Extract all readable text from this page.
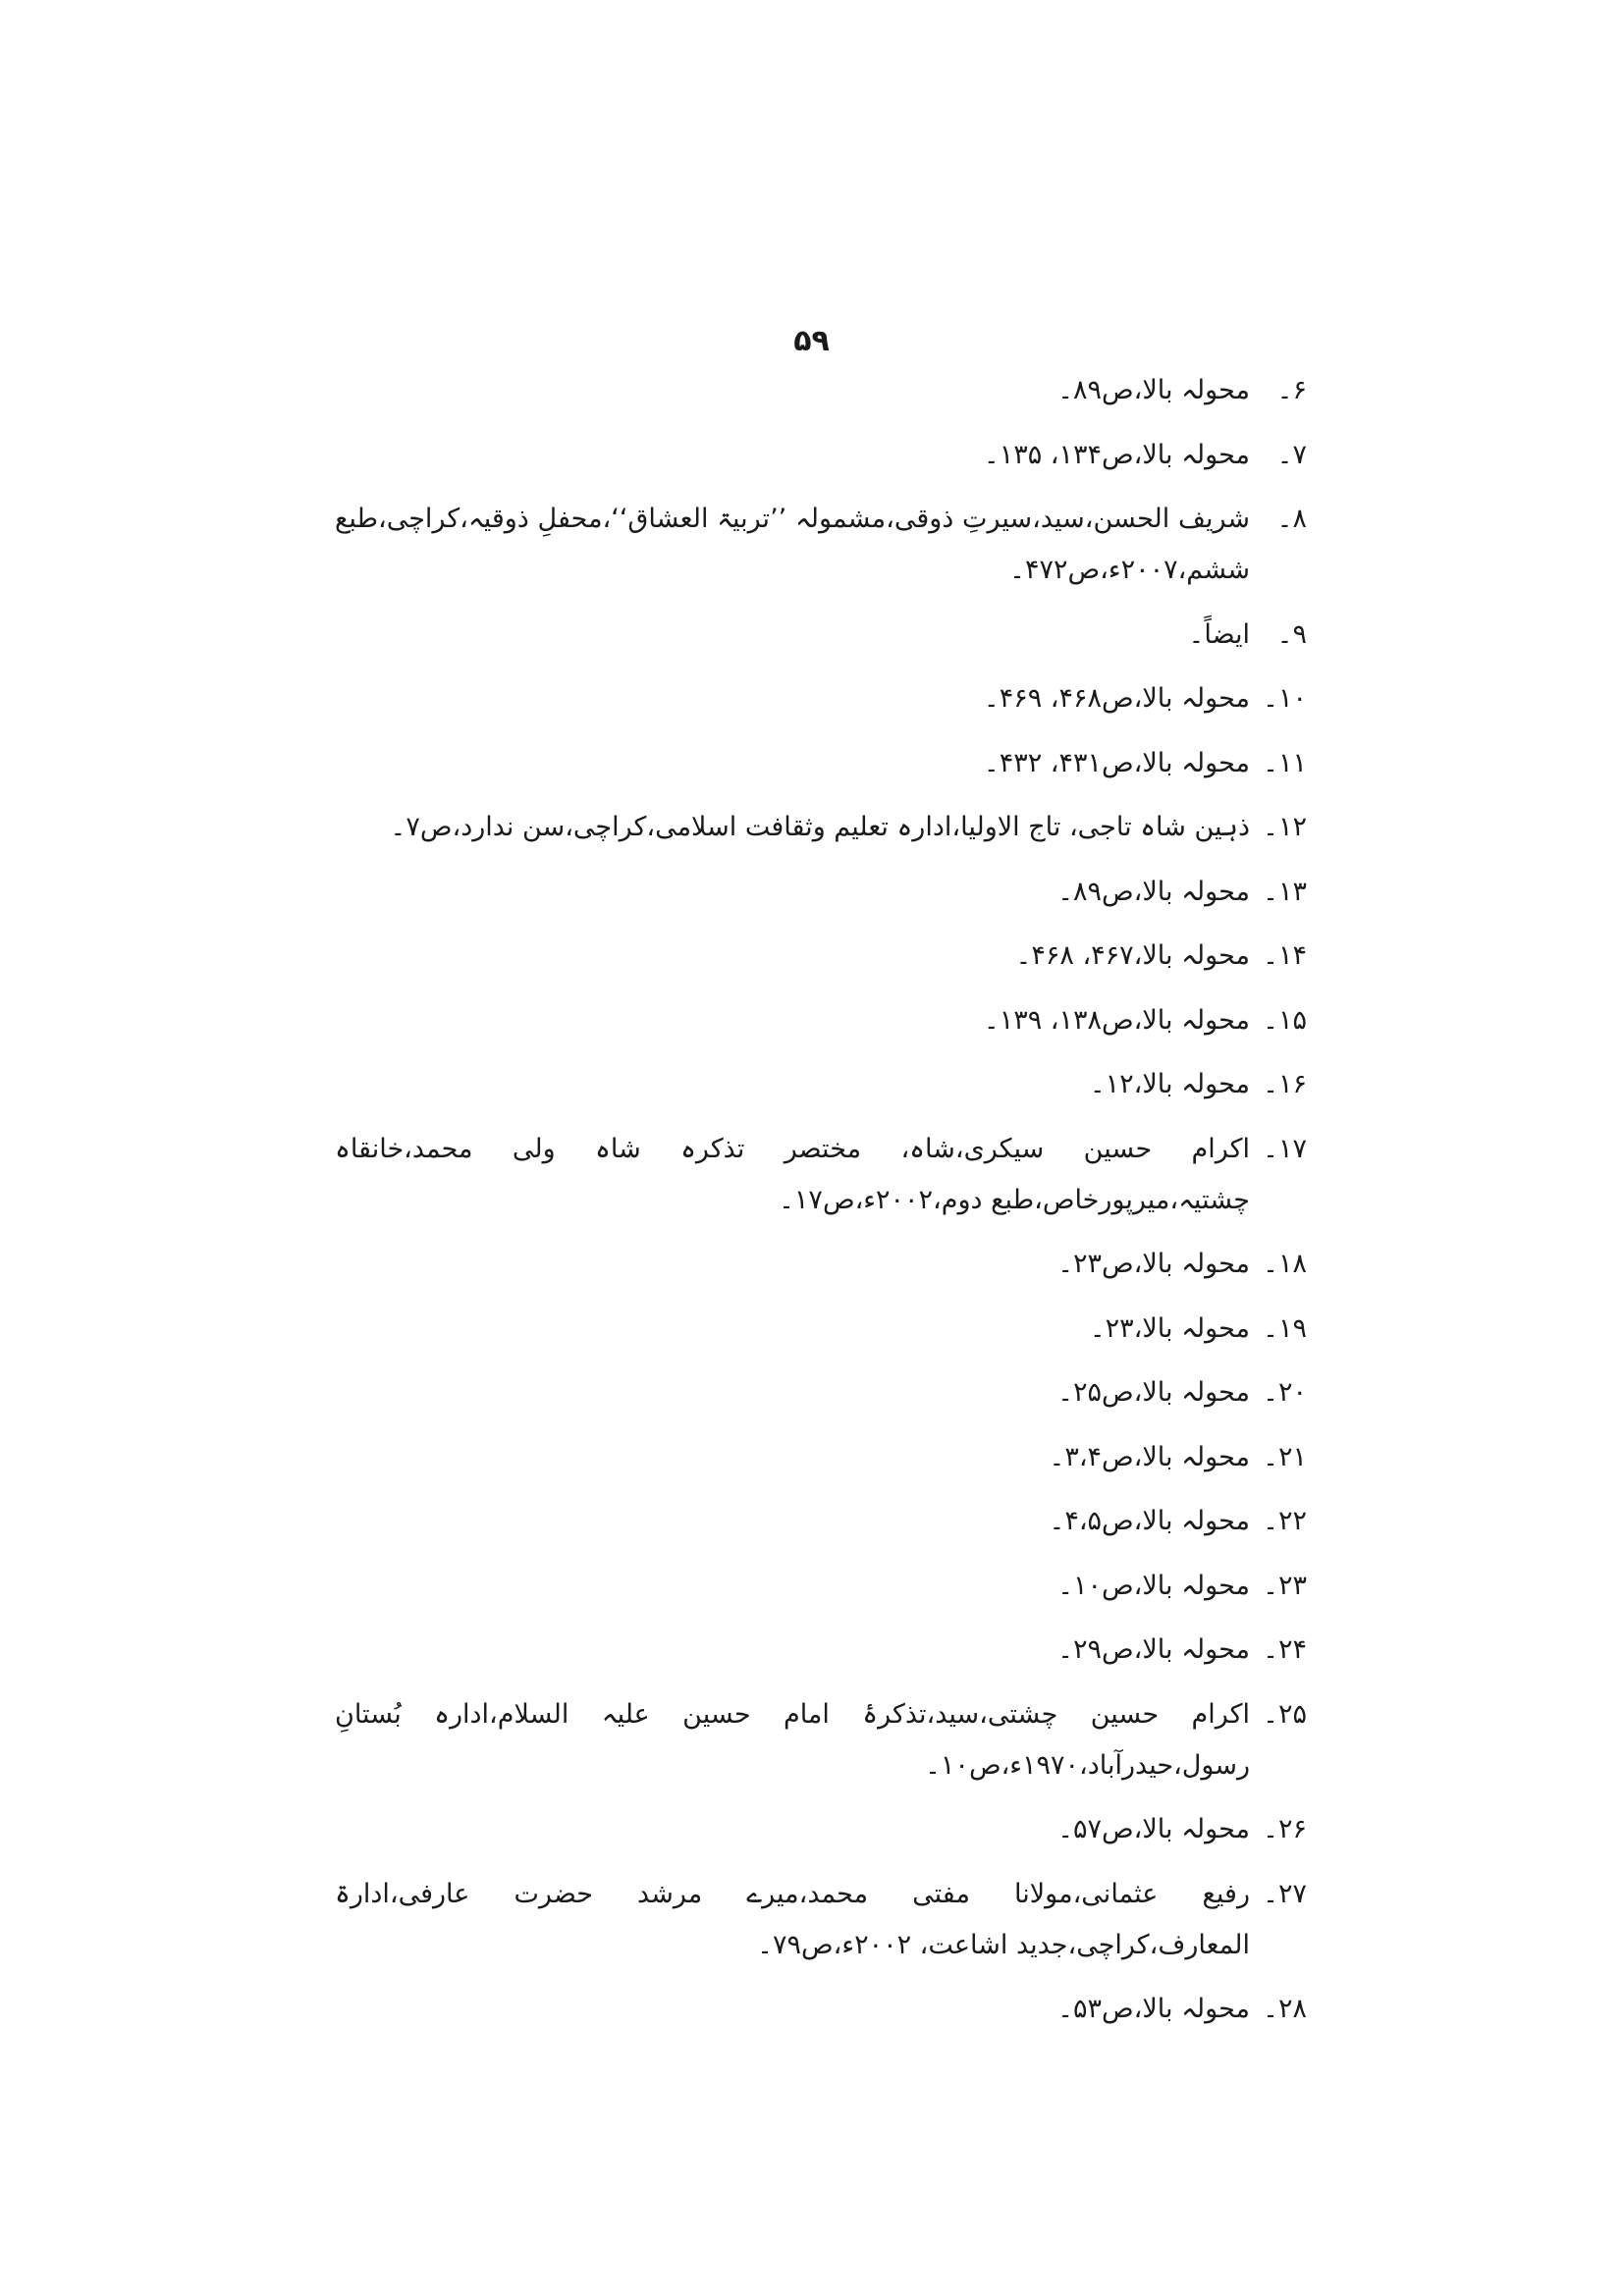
۵۹
۶۔
محولہ بالا،ص۸۹۔
۷۔
محولہ بالا،ص۱۳۴، ۱۳۵۔
۸۔
شریف الحسن،سید،سیرتِ ذوقی،مشمولہ ’’تربیۃ العشاق‘‘،محفلِ ذوقیہ،کراچی،طبع ششم،۲۰۰۷ء،ص۴۷۲۔
۹۔
ایضاً۔
۱۰۔
محولہ بالا،ص۴۶۸، ۴۶۹۔
۱۱۔
محولہ بالا،ص۴۳۱، ۴۳۲۔
۱۲۔
ذہین شاہ تاجی، تاج الاولیا،ادارہ تعلیم وثقافت اسلامی،کراچی،سن ندارد،ص۷۔
۱۳۔
محولہ بالا،ص۸۹۔
۱۴۔
محولہ بالا،۴۶۷، ۴۶۸۔
۱۵۔
محولہ بالا،ص۱۳۸، ۱۳۹۔
۱۶۔
محولہ بالا،۱۲۔
۱۷۔
اکرام حسین سیکری،شاہ، مختصر تذکرہ شاہ ولی محمد،خانقاہ چشتیہ،میرپورخاص،طبع دوم،۲۰۰۲ء،ص۱۷۔
۱۸۔
محولہ بالا،ص۲۳۔
۱۹۔
محولہ بالا،۲۳۔
۲۰۔
محولہ بالا،ص۲۵۔
۲۱۔
محولہ بالا،ص۳،۴۔
۲۲۔
محولہ بالا،ص۴،۵۔
۲۳۔
محولہ بالا،ص۱۰۔
۲۴۔
محولہ بالا،ص۲۹۔
۲۵۔
اکرام حسین چشتی،سید،تذکرۂ امام حسین علیہ السلام،ادارہ بُستانِ رسول،حیدرآباد،۱۹۷۰ء،ص۱۰۔
۲۶۔
محولہ بالا،ص۵۷۔
۲۷۔
رفیع عثمانی،مولانا مفتی محمد،میرے مرشد حضرت عارفی،ادارۃ المعارف،کراچی،جدید اشاعت، ۲۰۰۲ء،ص۷۹۔
۲۸۔
محولہ بالا،ص۵۳۔
